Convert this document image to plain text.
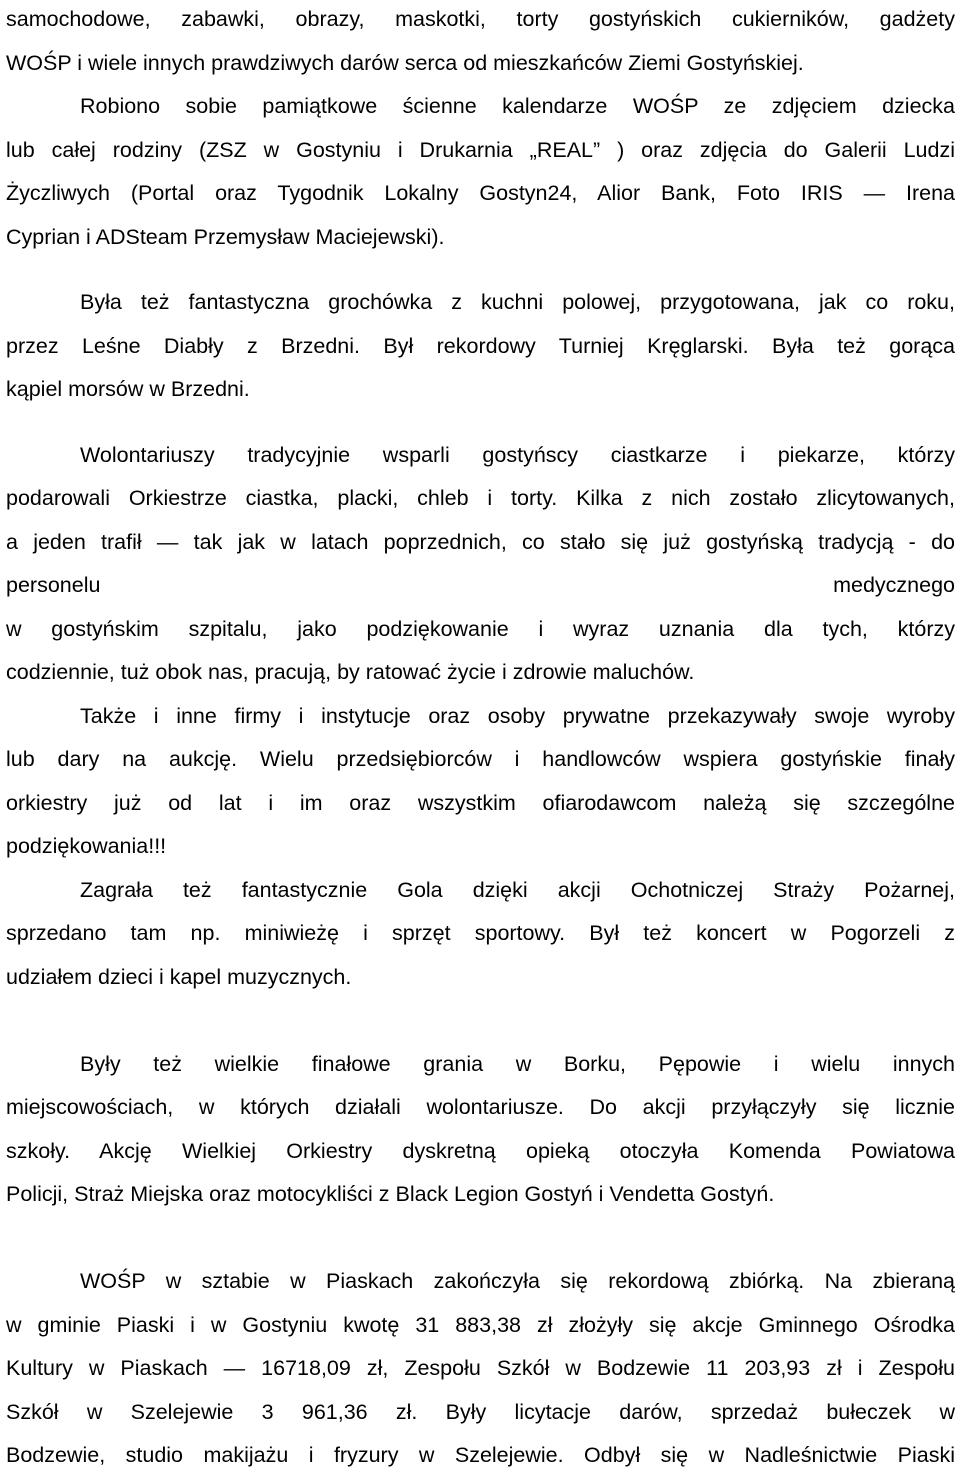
samochodowe, zabawki, obrazy, maskotki, torty gostyńskich cukierników, gadżety
WOŚP i wiele innych prawdziwych darów serca od mieszkańców Ziemi Gostyńskiej.
Robiono sobie pamiątkowe ścienne kalendarze WOŚP ze zdjęciem dziecka
lub całej rodziny (ZSZ w Gostyniu i Drukarnia „REAL” ) oraz zdjęcia do Galerii Ludzi
Życzliwych (Portal oraz Tygodnik Lokalny Gostyn24, Alior Bank, Foto IRIS — Irena
Cyprian i ADSteam Przemysław Maciejewski).
Była też fantastyczna grochówka z kuchni polowej, przygotowana, jak co roku,
przez Leśne Diabły z Brzedni. Był rekordowy Turniej Kręglarski. Była też gorąca
kąpiel morsów w Brzedni.
Wolontariuszy tradycyjnie wsparli gostyńscy ciastkarze i piekarze, którzy
podarowali Orkiestrze ciastka, placki, chleb i torty. Kilka z nich zostało zlicytowanych,
a jeden trafił — tak jak w latach poprzednich, co stało się już gostyńską tradycją - do
personelu medycznego
w gostyńskim szpitalu, jako podziękowanie i wyraz uznania dla tych, którzy
codziennie, tuż obok nas, pracują, by ratować życie i zdrowie maluchów.
Także i inne firmy i instytucje oraz osoby prywatne przekazywały swoje wyroby
lub dary na aukcję. Wielu przedsiębiorców i handlowców wspiera gostyńskie finały
orkiestry już od lat i im oraz wszystkim ofiarodawcom należą się szczególne
podziękowania!!!
Zagrała też fantastycznie Gola dzięki akcji Ochotniczej Straży Pożarnej,
sprzedano tam np. miniwieżę i sprzęt sportowy. Był też koncert w Pogorzeli z
udziałem dzieci i kapel muzycznych.
Były też wielkie finałowe grania w Borku, Pępowie i wielu innych
miejscowościach, w których działali wolontariusze. Do akcji przyłączyły się licznie
szkoły. Akcję Wielkiej Orkiestry dyskretną opieką otoczyła Komenda Powiatowa
Policji, Straż Miejska oraz motocykliści z Black Legion Gostyń i Vendetta Gostyń.
WOŚP w sztabie w Piaskach zakończyła się rekordową zbiórką. Na zbieraną
w gminie Piaski i w Gostyniu kwotę 31 883,38 zł złożyły się akcje Gminnego Ośrodka
Kultury w Piaskach — 16718,09 zł, Zespołu Szkół w Bodzewie 11 203,93 zł i Zespołu
Szkół w Szelejewie 3 961,36 zł. Były licytacje darów, sprzedaż bułeczek w
Bodzewie, studio makijażu i fryzury w Szelejewie. Odbył się w Nadleśnictwie Piaski
